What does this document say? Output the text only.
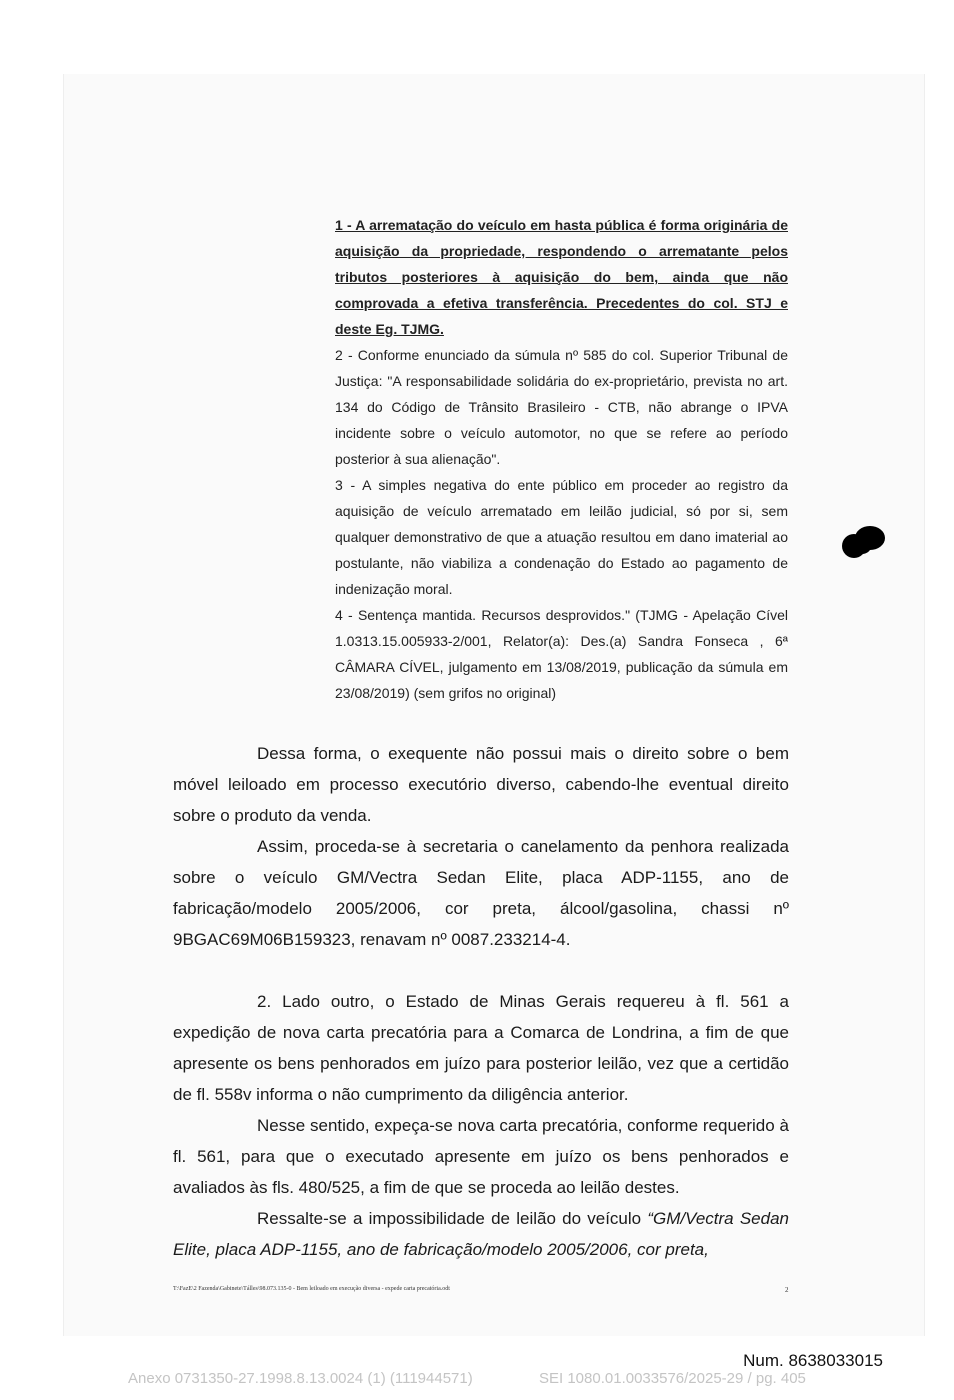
1 - A arrematação do veículo em hasta pública é forma originária de aquisição da propriedade, respondendo o arrematante pelos tributos posteriores à aquisição do bem, ainda que não comprovada a efetiva transferência. Precedentes do col. STJ e deste Eg. TJMG.

2 - Conforme enunciado da súmula nº 585 do col. Superior Tribunal de Justiça: "A responsabilidade solidária do ex-proprietário, prevista no art. 134 do Código de Trânsito Brasileiro - CTB, não abrange o IPVA incidente sobre o veículo automotor, no que se refere ao período posterior à sua alienação".

3 - A simples negativa do ente público em proceder ao registro da aquisição de veículo arrematado em leilão judicial, só por si, sem qualquer demonstrativo de que a atuação resultou em dano imaterial ao postulante, não viabiliza a condenação do Estado ao pagamento de indenização moral.

4 - Sentença mantida. Recursos desprovidos." (TJMG - Apelação Cível 1.0313.15.005933-2/001, Relator(a): Des.(a) Sandra Fonseca , 6ª CÂMARA CÍVEL, julgamento em 13/08/2019, publicação da súmula em 23/08/2019) (sem grifos no original)

Dessa forma, o exequente não possui mais o direito sobre o bem móvel leiloado em processo executório diverso, cabendo-lhe eventual direito sobre o produto da venda.

Assim, proceda-se à secretaria o canelamento da penhora realizada sobre o veículo GM/Vectra Sedan Elite, placa ADP-1155, ano de fabricação/modelo 2005/2006, cor preta, álcool/gasolina, chassi nº 9BGAC69M06B159323, renavam nº 0087.233214-4.

2. Lado outro, o Estado de Minas Gerais requereu à fl. 561 a expedição de nova carta precatória para a Comarca de Londrina, a fim de que apresente os bens penhorados em juízo para posterior leilão, vez que a certidão de fl. 558v informa o não cumprimento da diligência anterior.

Nesse sentido, expeça-se nova carta precatória, conforme requerido à fl. 561, para que o executado apresente em juízo os bens penhorados e avaliados às fls. 480/525, a fim de que se proceda ao leilão destes.

Ressalte-se a impossibilidade de leilão do veículo “GM/Vectra Sedan Elite, placa ADP-1155, ano de fabricação/modelo 2005/2006, cor preta,

T:\FazE\2 Fazenda\Gabinete\Tálles\98.073.135-0 - Bem leiloado em execução diversa - expede carta precatória.odt	2
Num. 8638033015
Anexo 0731350-27.1998.8.13.0024 (1) (111944571)	SEI 1080.01.0033576/2025-29 / pg. 405
